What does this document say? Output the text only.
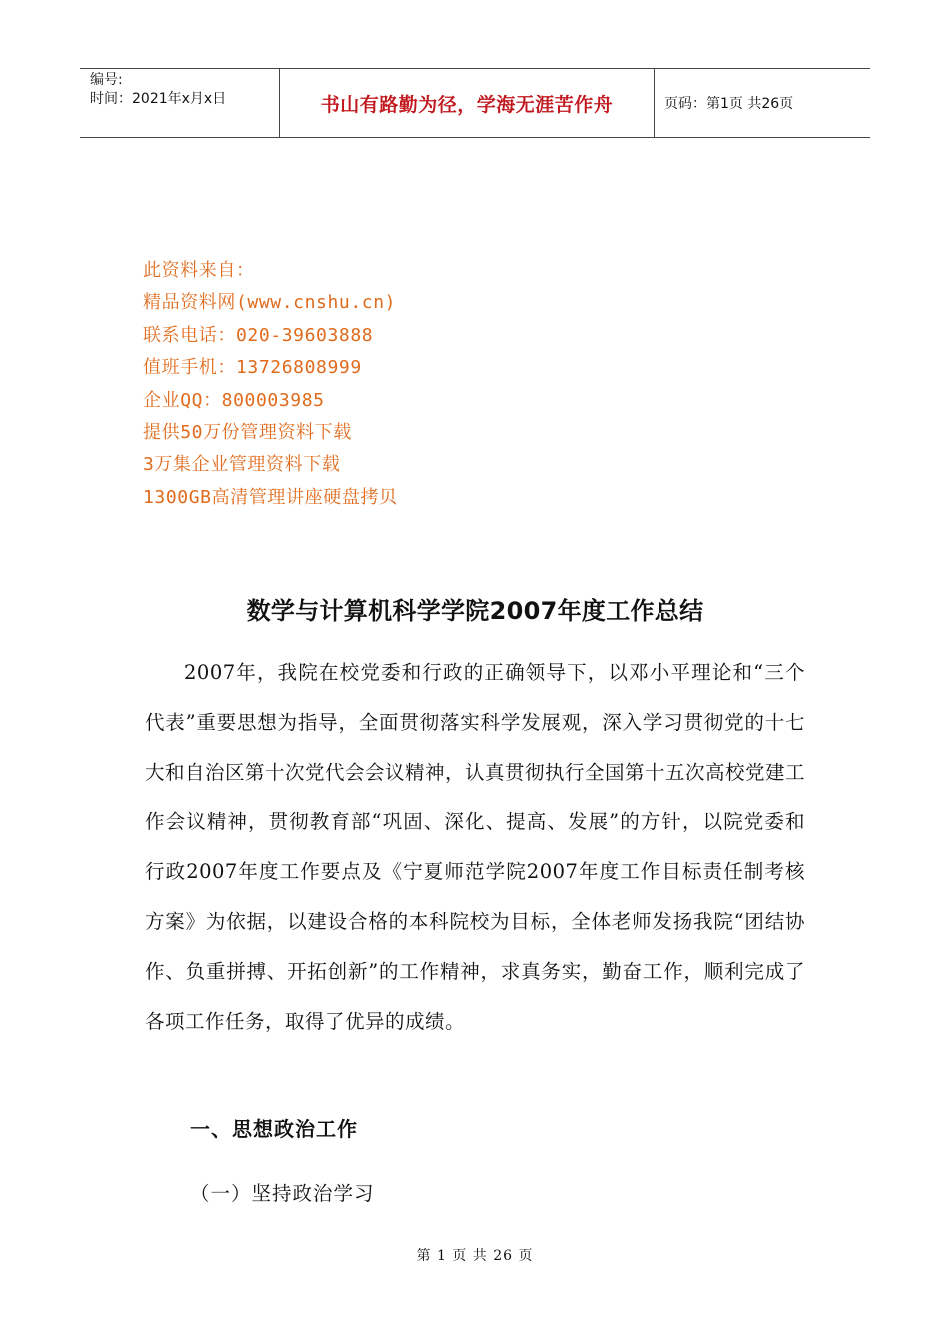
编号:
时间：2021年x月x日	书山有路勤为径，学海无涯苦作舟	页码：第1页 共26页
此资料来自：
精品资料网(www.cnshu.cn)
联系电话：020-39603888
值班手机：13726808999
企业QQ：800003985
提供50万份管理资料下载
3万集企业管理资料下载
1300GB高清管理讲座硬盘拷贝
数学与计算机科学学院2007年度工作总结

2007年，我院在校党委和行政的正确领导下，以邓小平理论和“三个代表”重要思想为指导，全面贯彻落实科学发展观，深入学习贯彻党的十七大和自治区第十次党代会会议精神，认真贯彻执行全国第十五次高校党建工作会议精神，贯彻教育部“巩固、深化、提高、发展”的方针，以院党委和行政2007年度工作要点及《宁夏师范学院2007年度工作目标责任制考核方案》为依据，以建设合格的本科院校为目标，全体老师发扬我院“团结协作、负重拼搏、开拓创新”的工作精神，求真务实，勤奋工作，顺利完成了各项工作任务，取得了优异的成绩。

一、思想政治工作
（一）坚持政治学习
第 1 页 共 26 页
